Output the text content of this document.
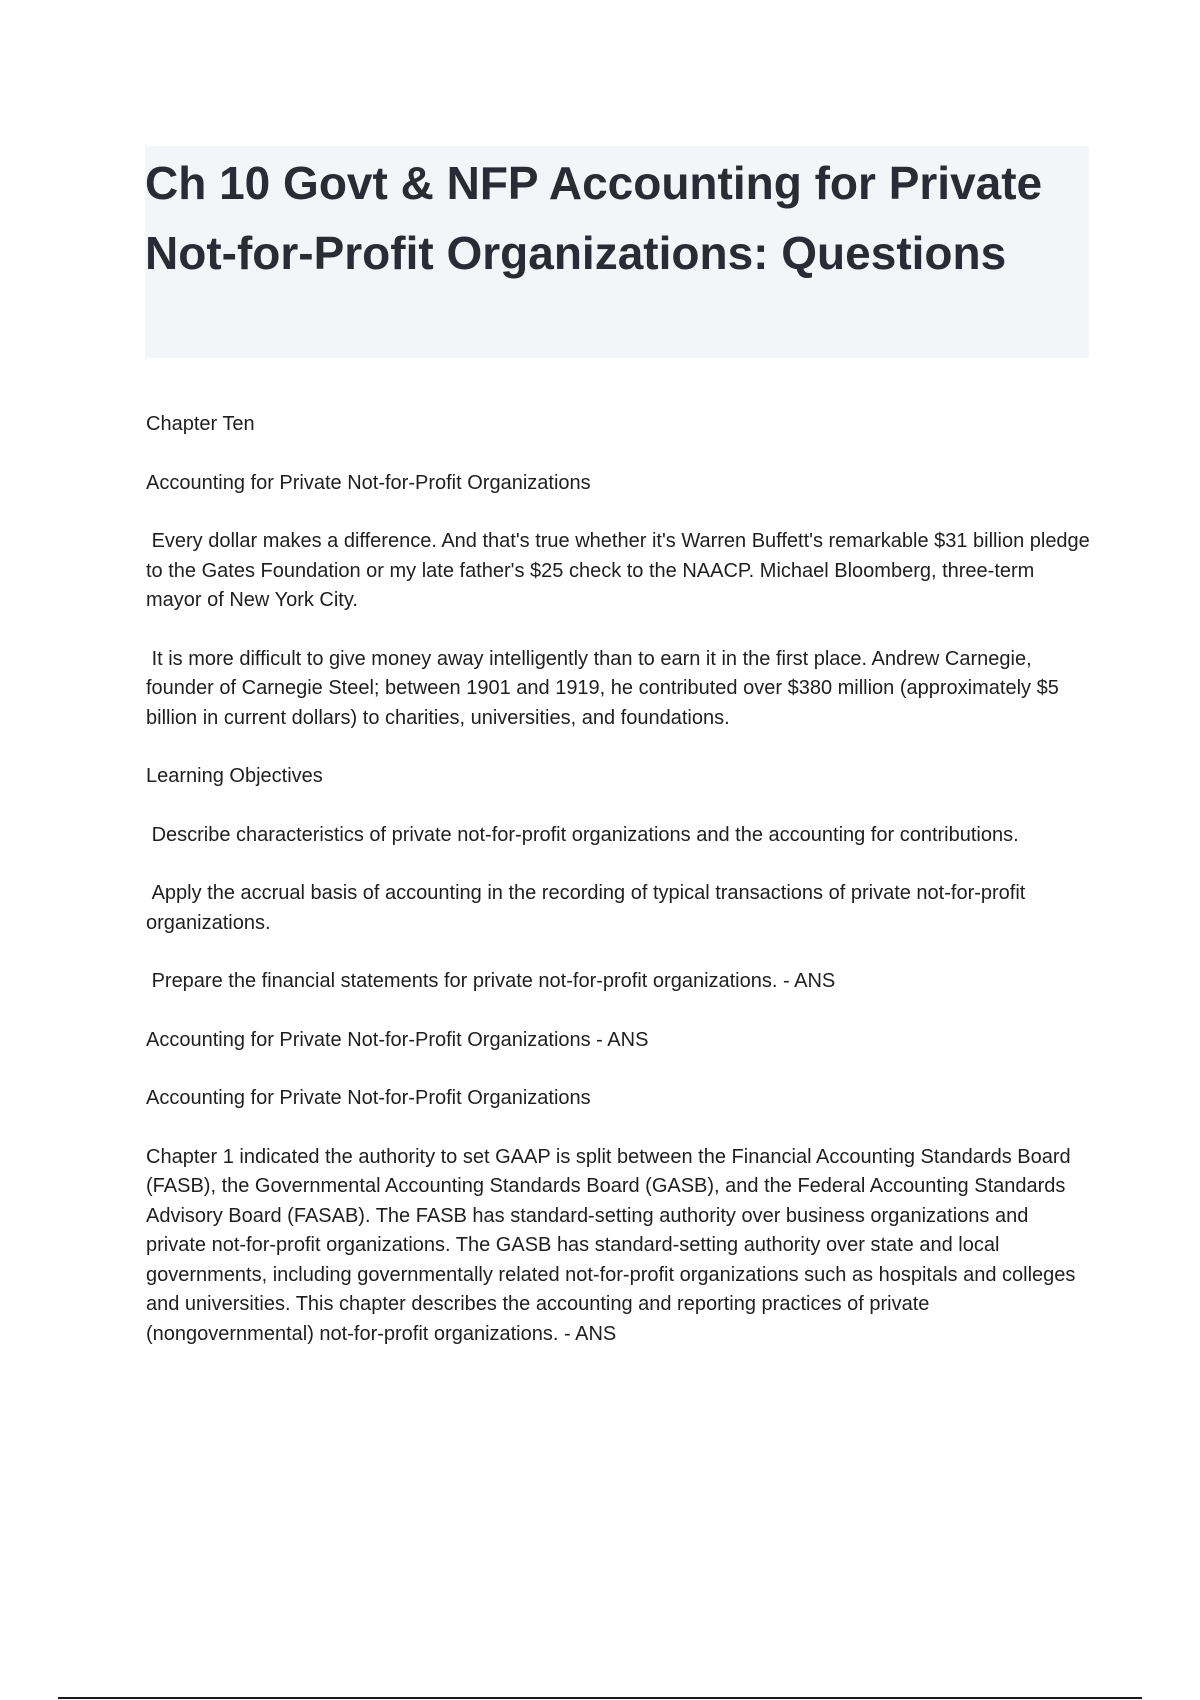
Ch 10 Govt & NFP Accounting for Private Not-for-Profit Organizations: Questions

Chapter Ten

Accounting for Private Not-for-Profit Organizations

Every dollar makes a difference. And that's true whether it's Warren Buffett's remarkable $31 billion pledge to the Gates Foundation or my late father's $25 check to the NAACP. Michael Bloomberg, three-term mayor of New York City.

It is more difficult to give money away intelligently than to earn it in the first place. Andrew Carnegie, founder of Carnegie Steel; between 1901 and 1919, he contributed over $380 million (approximately $5 billion in current dollars) to charities, universities, and foundations.

Learning Objectives

Describe characteristics of private not-for-profit organizations and the accounting for contributions.

Apply the accrual basis of accounting in the recording of typical transactions of private not-for-profit organizations.

Prepare the financial statements for private not-for-profit organizations. - ANS

Accounting for Private Not-for-Profit Organizations - ANS

Accounting for Private Not-for-Profit Organizations

Chapter 1 indicated the authority to set GAAP is split between the Financial Accounting Standards Board (FASB), the Governmental Accounting Standards Board (GASB), and the Federal Accounting Standards Advisory Board (FASAB). The FASB has standard-setting authority over business organizations and private not-for-profit organizations. The GASB has standard-setting authority over state and local governments, including governmentally related not-for-profit organizations such as hospitals and colleges and universities. This chapter describes the accounting and reporting practices of private (nongovernmental) not-for-profit organizations. - ANS
